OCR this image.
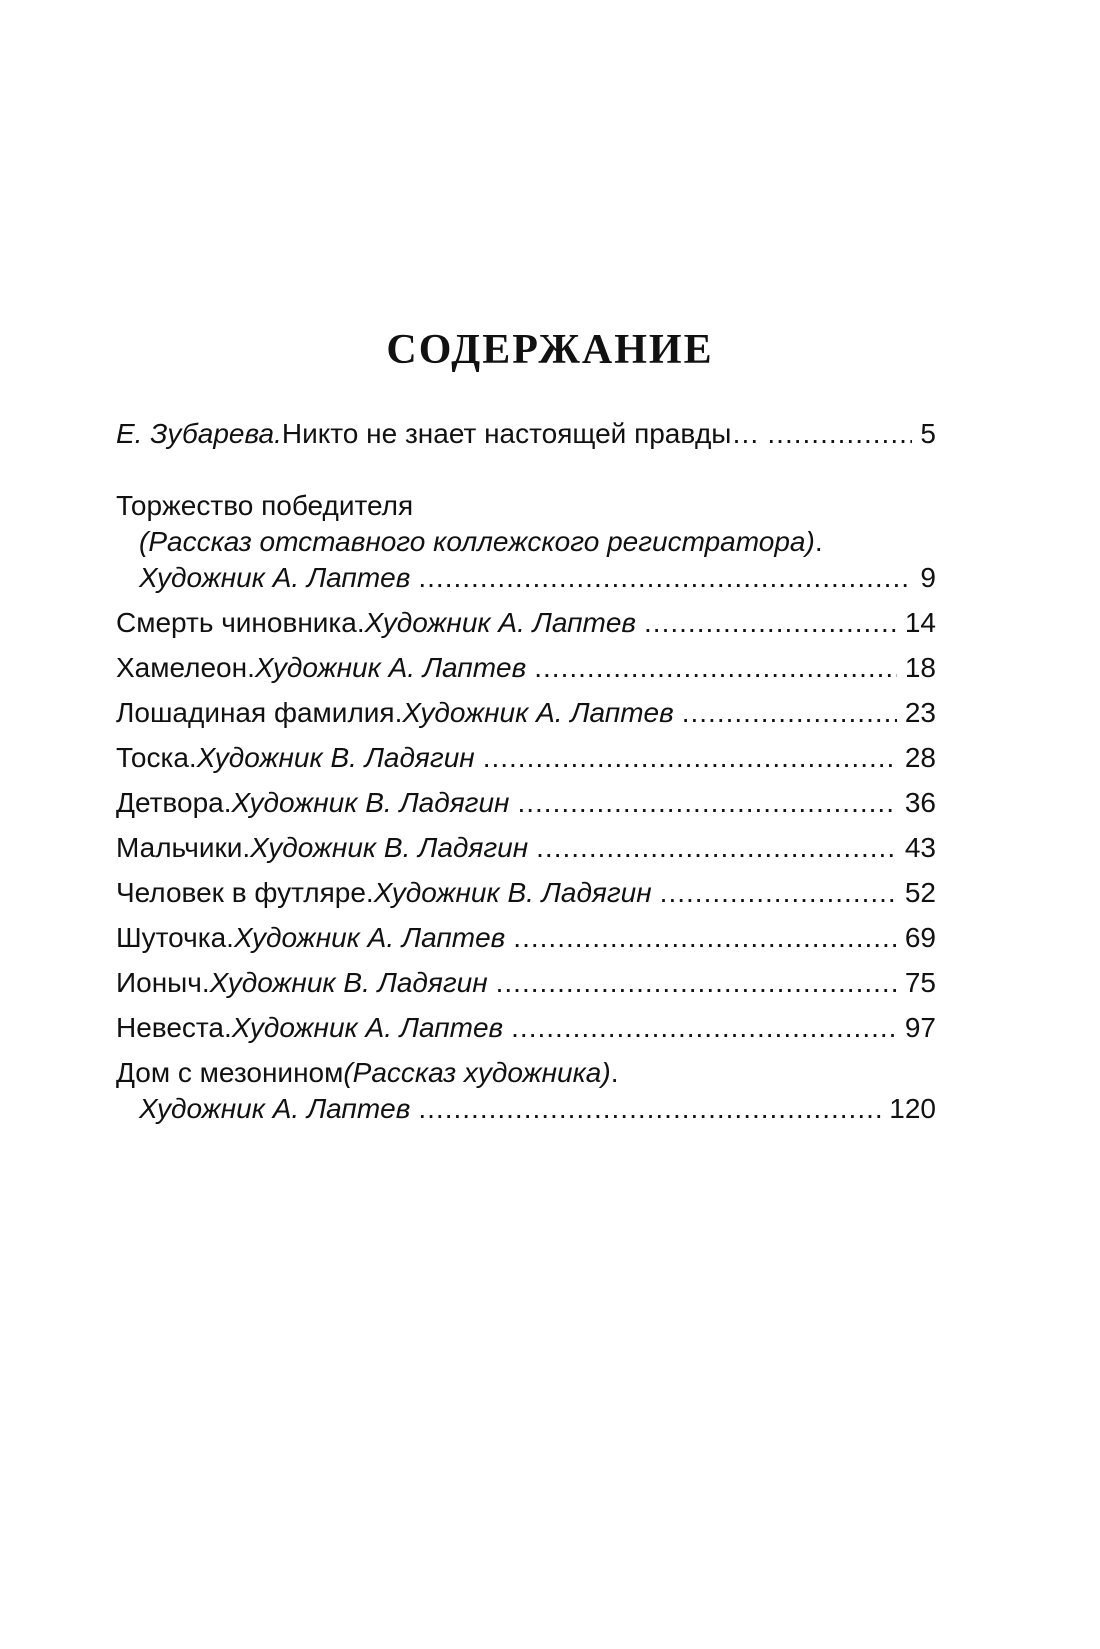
СОДЕРЖАНИЕ
Е. Зубарева. Никто не знает настоящей правды… .....	5
Торжество победителя
(Рассказ отставного коллежского регистратора) .
Художник А. Лаптев .....	9
Смерть чиновника. Художник А. Лаптев .....	14
Хамелеон. Художник А. Лаптев .....	18
Лошадиная фамилия. Художник А. Лаптев .....	23
Тоска. Художник В. Ладягин .....	28
Детвора. Художник В. Ладягин .....	36
Мальчики. Художник В. Ладягин .....	43
Человек в футляре. Художник В. Ладягин .....	52
Шуточка. Художник А. Лаптев .....	69
Ионыч. Художник В. Ладягин .....	75
Невеста. Художник А. Лаптев .....	97
Дом с мезонином (Рассказ художника) .
Художник А. Лаптев .....	120
